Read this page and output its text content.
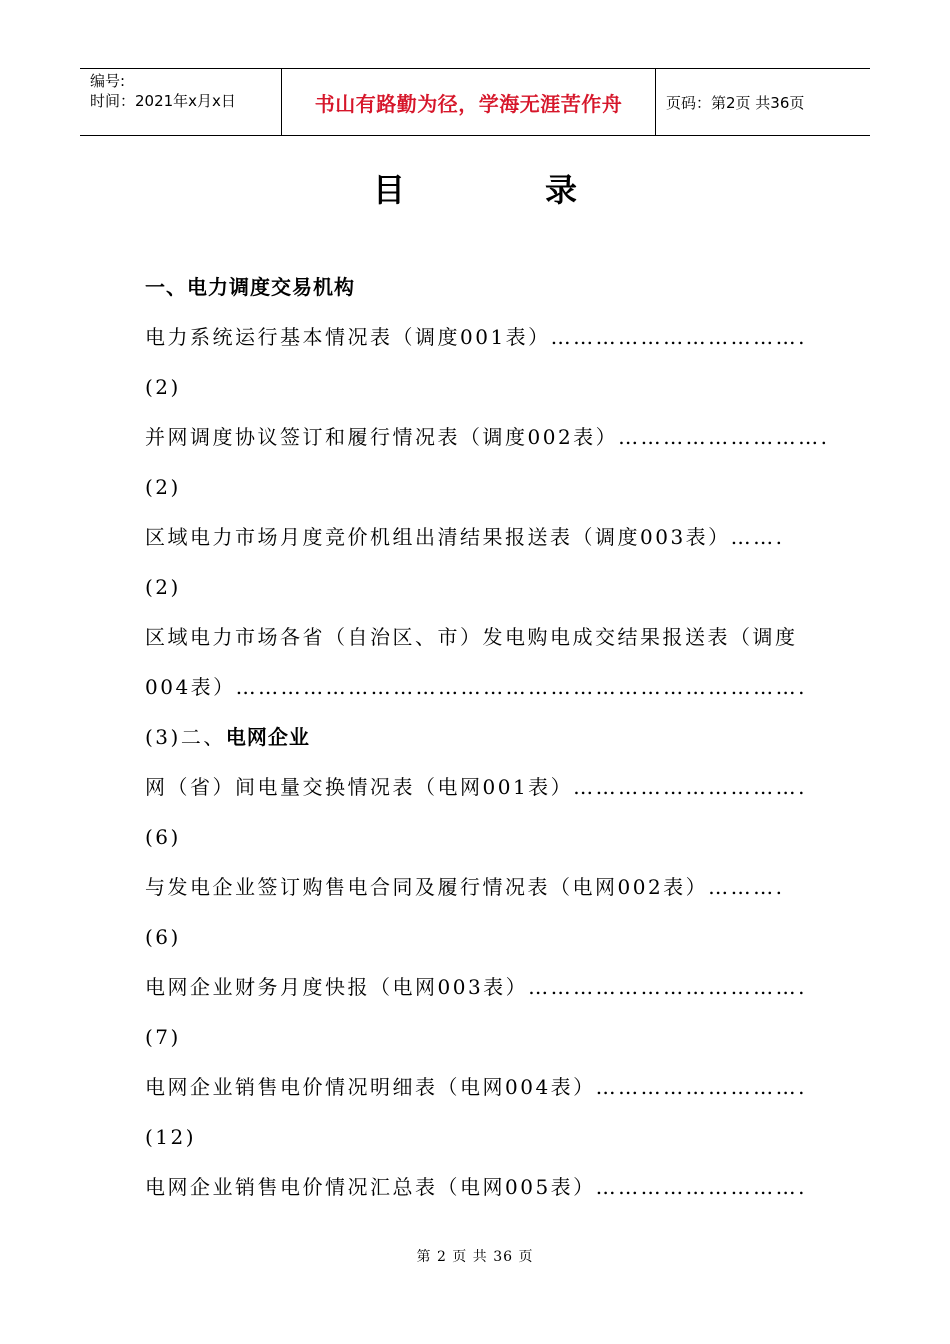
编号:
时间：2021年x月x日	书山有路勤为径，学海无涯苦作舟	页码：第2页 共36页
目录
一、电力调度交易机构
电力系统运行基本情况表（调度001表）…………………………….
(2)
并网调度协议签订和履行情况表（调度002表）……………………….
(2)
区域电力市场月度竞价机组出清结果报送表（调度003表）…….
(2)
区域电力市场各省（自治区、市）发电购电成交结果报送表（调度
004表）………………………………………………………………….
(3)二、电网企业
网（省）间电量交换情况表（电网001表）………………………….
(6)
与发电企业签订购售电合同及履行情况表（电网002表）……….
(6)
电网企业财务月度快报（电网003表）……………………………….
(7)
电网企业销售电价情况明细表（电网004表）……………………….
(12)
电网企业销售电价情况汇总表（电网005表）……………………….
第 2 页 共 36 页
